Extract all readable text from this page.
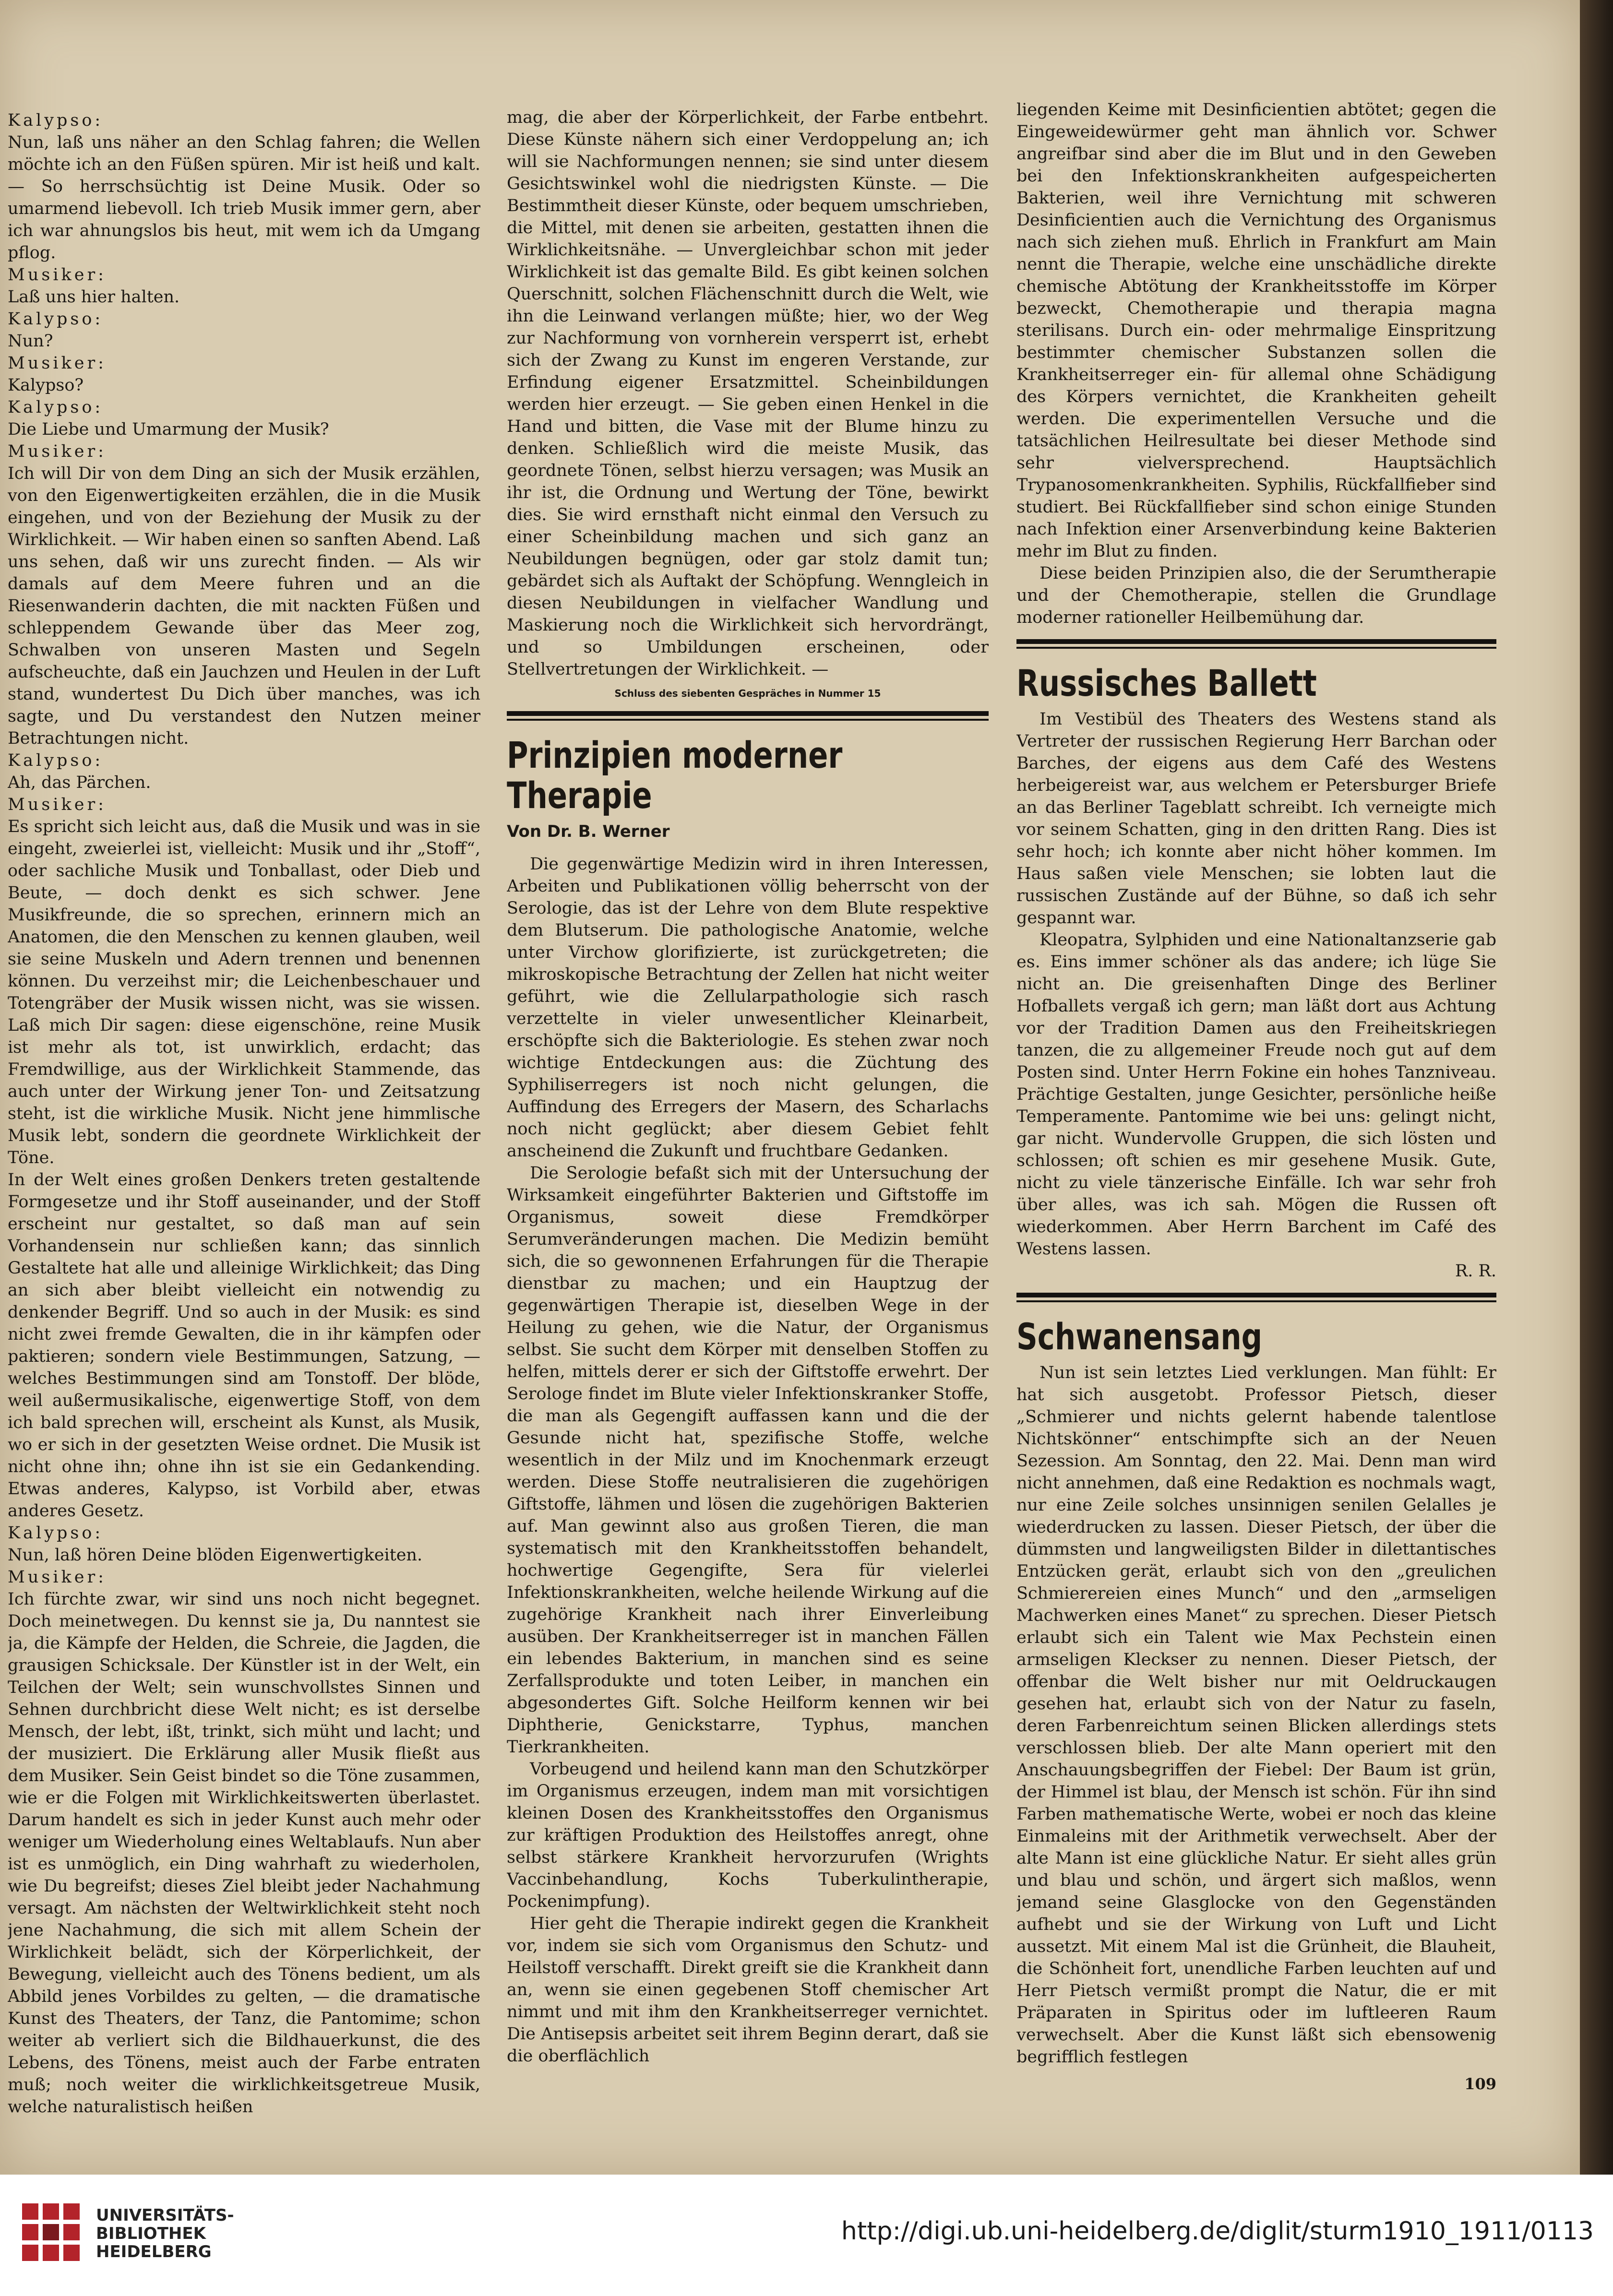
Kalypso:

Nun, laß uns näher an den Schlag fahren; die Wellen möchte ich an den Füßen spüren. Mir ist heiß und kalt. — So herrschsüchtig ist Deine Musik. Oder so umarmend liebevoll. Ich trieb Musik immer gern, aber ich war ahnungslos bis heut, mit wem ich da Umgang pflog.

Musiker:

Laß uns hier halten.

Kalypso:

Nun?

Musiker:

Kalypso?

Kalypso:

Die Liebe und Umarmung der Musik?

Musiker:

Ich will Dir von dem Ding an sich der Musik erzählen, von den Eigenwertigkeiten erzählen, die in die Musik eingehen, und von der Beziehung der Musik zu der Wirklichkeit. — Wir haben einen so sanften Abend. Laß uns sehen, daß wir uns zurecht finden. — Als wir damals auf dem Meere fuhren und an die Riesenwanderin dachten, die mit nackten Füßen und schleppendem Gewande über das Meer zog, Schwalben von unseren Masten und Segeln aufscheuchte, daß ein Jauchzen und Heulen in der Luft stand, wundertest Du Dich über manches, was ich sagte, und Du verstandest den Nutzen meiner Betrachtungen nicht.

Kalypso:

Ah, das Pärchen.

Musiker:

Es spricht sich leicht aus, daß die Musik und was in sie eingeht, zweierlei ist, vielleicht: Musik und ihr „Stoff“, oder sachliche Musik und Tonballast, oder Dieb und Beute, — doch denkt es sich schwer. Jene Musikfreunde, die so sprechen, erinnern mich an Anatomen, die den Menschen zu kennen glauben, weil sie seine Muskeln und Adern trennen und benennen können. Du verzeihst mir; die Leichenbeschauer und Totengräber der Musik wissen nicht, was sie wissen. Laß mich Dir sagen: diese eigenschöne, reine Musik ist mehr als tot, ist unwirklich, erdacht; das Fremdwillige, aus der Wirklichkeit Stammende, das auch unter der Wirkung jener Ton- und Zeitsatzung steht, ist die wirkliche Musik. Nicht jene himmlische Musik lebt, sondern die geordnete Wirklichkeit der Töne.

In der Welt eines großen Denkers treten gestaltende Formgesetze und ihr Stoff auseinander, und der Stoff erscheint nur gestaltet, so daß man auf sein Vorhandensein nur schließen kann; das sinnlich Gestaltete hat alle und alleinige Wirklichkeit; das Ding an sich aber bleibt vielleicht ein notwendig zu denkender Begriff. Und so auch in der Musik: es sind nicht zwei fremde Gewalten, die in ihr kämpfen oder paktieren; sondern viele Bestimmungen, Satzung, — welches Bestimmungen sind am Tonstoff. Der blöde, weil außermusikalische, eigenwertige Stoff, von dem ich bald sprechen will, erscheint als Kunst, als Musik, wo er sich in der gesetzten Weise ordnet. Die Musik ist nicht ohne ihn; ohne ihn ist sie ein Gedankending. Etwas anderes, Kalypso, ist Vorbild aber, etwas anderes Gesetz.

Kalypso:

Nun, laß hören Deine blöden Eigenwertigkeiten.

Musiker:

Ich fürchte zwar, wir sind uns noch nicht begegnet. Doch meinetwegen. Du kennst sie ja, Du nanntest sie ja, die Kämpfe der Helden, die Schreie, die Jagden, die grausigen Schicksale. Der Künstler ist in der Welt, ein Teilchen der Welt; sein wunschvollstes Sinnen und Sehnen durchbricht diese Welt nicht; es ist derselbe Mensch, der lebt, ißt, trinkt, sich müht und lacht; und der musiziert. Die Erklärung aller Musik fließt aus dem Musiker. Sein Geist bindet so die Töne zusammen, wie er die Folgen mit Wirklichkeitswerten überlastet. Darum handelt es sich in jeder Kunst auch mehr oder weniger um Wiederholung eines Weltablaufs. Nun aber ist es unmöglich, ein Ding wahrhaft zu wiederholen, wie Du begreifst; dieses Ziel bleibt jeder Nachahmung versagt. Am nächsten der Weltwirklichkeit steht noch jene Nachahmung, die sich mit allem Schein der Wirklichkeit belädt, sich der Körperlichkeit, der Bewegung, vielleicht auch des Tönens bedient, um als Abbild jenes Vorbildes zu gelten, — die dramatische Kunst des Theaters, der Tanz, die Pantomime; schon weiter ab verliert sich die Bildhauerkunst, die des Lebens, des Tönens, meist auch der Farbe entraten muß; noch weiter die wirklichkeitsgetreue Musik, welche naturalistisch heißen

mag, die aber der Körperlichkeit, der Farbe entbehrt. Diese Künste nähern sich einer Verdoppelung an; ich will sie Nachformungen nennen; sie sind unter diesem Gesichtswinkel wohl die niedrigsten Künste. — Die Bestimmtheit dieser Künste, oder bequem umschrieben, die Mittel, mit denen sie arbeiten, gestatten ihnen die Wirklichkeitsnähe. — Unvergleichbar schon mit jeder Wirklichkeit ist das gemalte Bild. Es gibt keinen solchen Querschnitt, solchen Flächenschnitt durch die Welt, wie ihn die Leinwand verlangen müßte; hier, wo der Weg zur Nachformung von vornherein versperrt ist, erhebt sich der Zwang zu Kunst im engeren Verstande, zur Erfindung eigener Ersatzmittel. Scheinbildungen werden hier erzeugt. — Sie geben einen Henkel in die Hand und bitten, die Vase mit der Blume hinzu zu denken. Schließlich wird die meiste Musik, das geordnete Tönen, selbst hierzu versagen; was Musik an ihr ist, die Ordnung und Wertung der Töne, bewirkt dies. Sie wird ernsthaft nicht einmal den Versuch zu einer Scheinbildung machen und sich ganz an Neubildungen begnügen, oder gar stolz damit tun; gebärdet sich als Auftakt der Schöpfung. Wenngleich in diesen Neubildungen in vielfacher Wandlung und Maskierung noch die Wirklichkeit sich hervordrängt, und so Umbildungen erscheinen, oder Stellvertretungen der Wirklichkeit. —

Schluss des siebenten Gespräches in Nummer 15
Prinzipien moderner
Therapie
Von Dr. B. Werner

Die gegenwärtige Medizin wird in ihren Interessen, Arbeiten und Publikationen völlig beherrscht von der Serologie, das ist der Lehre von dem Blute respektive dem Blutserum. Die pathologische Anatomie, welche unter Virchow glorifizierte, ist zurückgetreten; die mikroskopische Betrachtung der Zellen hat nicht weiter geführt, wie die Zellularpathologie sich rasch verzettelte in vieler unwesentlicher Kleinarbeit, erschöpfte sich die Bakteriologie. Es stehen zwar noch wichtige Entdeckungen aus: die Züchtung des Syphiliserregers ist noch nicht gelungen, die Auffindung des Erregers der Masern, des Scharlachs noch nicht geglückt; aber diesem Gebiet fehlt anscheinend die Zukunft und fruchtbare Gedanken.

Die Serologie befaßt sich mit der Untersuchung der Wirksamkeit eingeführter Bakterien und Giftstoffe im Organismus, soweit diese Fremdkörper Serumveränderungen machen. Die Medizin bemüht sich, die so gewonnenen Erfahrungen für die Therapie dienstbar zu machen; und ein Hauptzug der gegenwärtigen Therapie ist, dieselben Wege in der Heilung zu gehen, wie die Natur, der Organismus selbst. Sie sucht dem Körper mit denselben Stoffen zu helfen, mittels derer er sich der Giftstoffe erwehrt. Der Serologe findet im Blute vieler Infektionskranker Stoffe, die man als Gegengift auffassen kann und die der Gesunde nicht hat, spezifische Stoffe, welche wesentlich in der Milz und im Knochenmark erzeugt werden. Diese Stoffe neutralisieren die zugehörigen Giftstoffe, lähmen und lösen die zugehörigen Bakterien auf. Man gewinnt also aus großen Tieren, die man systematisch mit den Krankheitsstoffen behandelt, hochwertige Gegengifte, Sera für vielerlei Infektionskrankheiten, welche heilende Wirkung auf die zugehörige Krankheit nach ihrer Einverleibung ausüben. Der Krankheitserreger ist in manchen Fällen ein lebendes Bakterium, in manchen sind es seine Zerfallsprodukte und toten Leiber, in manchen ein abgesondertes Gift. Solche Heilform kennen wir bei Diphtherie, Genickstarre, Typhus, manchen Tierkrankheiten.

Vorbeugend und heilend kann man den Schutzkörper im Organismus erzeugen, indem man mit vorsichtigen kleinen Dosen des Krankheitsstoffes den Organismus zur kräftigen Produktion des Heilstoffes anregt, ohne selbst stärkere Krankheit hervorzurufen (Wrights Vaccinbehandlung, Kochs Tuberkulintherapie, Pockenimpfung).

Hier geht die Therapie indirekt gegen die Krankheit vor, indem sie sich vom Organismus den Schutz- und Heilstoff verschafft. Direkt greift sie die Krankheit dann an, wenn sie einen gegebenen Stoff chemischer Art nimmt und mit ihm den Krankheitserreger vernichtet. Die Antisepsis arbeitet seit ihrem Beginn derart, daß sie die oberflächlich

liegenden Keime mit Desinficientien abtötet; gegen die Eingeweidewürmer geht man ähnlich vor. Schwer angreifbar sind aber die im Blut und in den Geweben bei den Infektionskrankheiten aufgespeicherten Bakterien, weil ihre Vernichtung mit schweren Desinficientien auch die Vernichtung des Organismus nach sich ziehen muß. Ehrlich in Frankfurt am Main nennt die Therapie, welche eine unschädliche direkte chemische Abtötung der Krankheitsstoffe im Körper bezweckt, Chemotherapie und therapia magna sterilisans. Durch ein- oder mehrmalige Einspritzung bestimmter chemischer Substanzen sollen die Krankheitserreger ein- für allemal ohne Schädigung des Körpers vernichtet, die Krankheiten geheilt werden. Die experimentellen Versuche und die tatsächlichen Heilresultate bei dieser Methode sind sehr vielversprechend. Hauptsächlich Trypanosomenkrankheiten. Syphilis, Rückfallfieber sind studiert. Bei Rückfallfieber sind schon einige Stunden nach Infektion einer Arsenverbindung keine Bakterien mehr im Blut zu finden.

Diese beiden Prinzipien also, die der Serumtherapie und der Chemotherapie, stellen die Grundlage moderner rationeller Heilbemühung dar.

Russisches Ballett

Im Vestibül des Theaters des Westens stand als Vertreter der russischen Regierung Herr Barchan oder Barches, der eigens aus dem Café des Westens herbeigereist war, aus welchem er Petersburger Briefe an das Berliner Tageblatt schreibt. Ich verneigte mich vor seinem Schatten, ging in den dritten Rang. Dies ist sehr hoch; ich konnte aber nicht höher kommen. Im Haus saßen viele Menschen; sie lobten laut die russischen Zustände auf der Bühne, so daß ich sehr gespannt war.

Kleopatra, Sylphiden und eine Nationaltanzserie gab es. Eins immer schöner als das andere; ich lüge Sie nicht an. Die greisenhaften Dinge des Berliner Hofballets vergaß ich gern; man läßt dort aus Achtung vor der Tradition Damen aus den Freiheitskriegen tanzen, die zu allgemeiner Freude noch gut auf dem Posten sind. Unter Herrn Fokine ein hohes Tanzniveau. Prächtige Gestalten, junge Gesichter, persönliche heiße Temperamente. Pantomime wie bei uns: gelingt nicht, gar nicht. Wundervolle Gruppen, die sich lösten und schlossen; oft schien es mir gesehene Musik. Gute, nicht zu viele tänzerische Einfälle. Ich war sehr froh über alles, was ich sah. Mögen die Russen oft wiederkommen. Aber Herrn Barchent im Café des Westens lassen.

R. R.

Schwanensang

Nun ist sein letztes Lied verklungen. Man fühlt: Er hat sich ausgetobt. Professor Pietsch, dieser „Schmierer und nichts gelernt habende talentlose Nichtskönner“ entschimpfte sich an der Neuen Sezession. Am Sonntag, den 22. Mai. Denn man wird nicht annehmen, daß eine Redaktion es nochmals wagt, nur eine Zeile solches unsinnigen senilen Gelalles je wiederdrucken zu lassen. Dieser Pietsch, der über die dümmsten und langweiligsten Bilder in dilettantisches Entzücken gerät, erlaubt sich von den „greulichen Schmierereien eines Munch“ und den „armseligen Machwerken eines Manet“ zu sprechen. Dieser Pietsch erlaubt sich ein Talent wie Max Pechstein einen armseligen Kleckser zu nennen. Dieser Pietsch, der offenbar die Welt bisher nur mit Oeldruckaugen gesehen hat, erlaubt sich von der Natur zu faseln, deren Farbenreichtum seinen Blicken allerdings stets verschlossen blieb. Der alte Mann operiert mit den Anschauungsbegriffen der Fiebel: Der Baum ist grün, der Himmel ist blau, der Mensch ist schön. Für ihn sind Farben mathematische Werte, wobei er noch das kleine Einmaleins mit der Arithmetik verwechselt. Aber der alte Mann ist eine glückliche Natur. Er sieht alles grün und blau und schön, und ärgert sich maßlos, wenn jemand seine Glasglocke von den Gegenständen aufhebt und sie der Wirkung von Luft und Licht aussetzt. Mit einem Mal ist die Grünheit, die Blauheit, die Schönheit fort, unendliche Farben leuchten auf und Herr Pietsch vermißt prompt die Natur, die er mit Präparaten in Spiritus oder im luftleeren Raum verwechselt. Aber die Kunst läßt sich ebensowenig begrifflich festlegen

109
UNIVERSITÄTS-
BIBLIOTHEK
HEIDELBERG
http://digi.ub.uni-heidelberg.de/diglit/sturm1910_1911/0113
